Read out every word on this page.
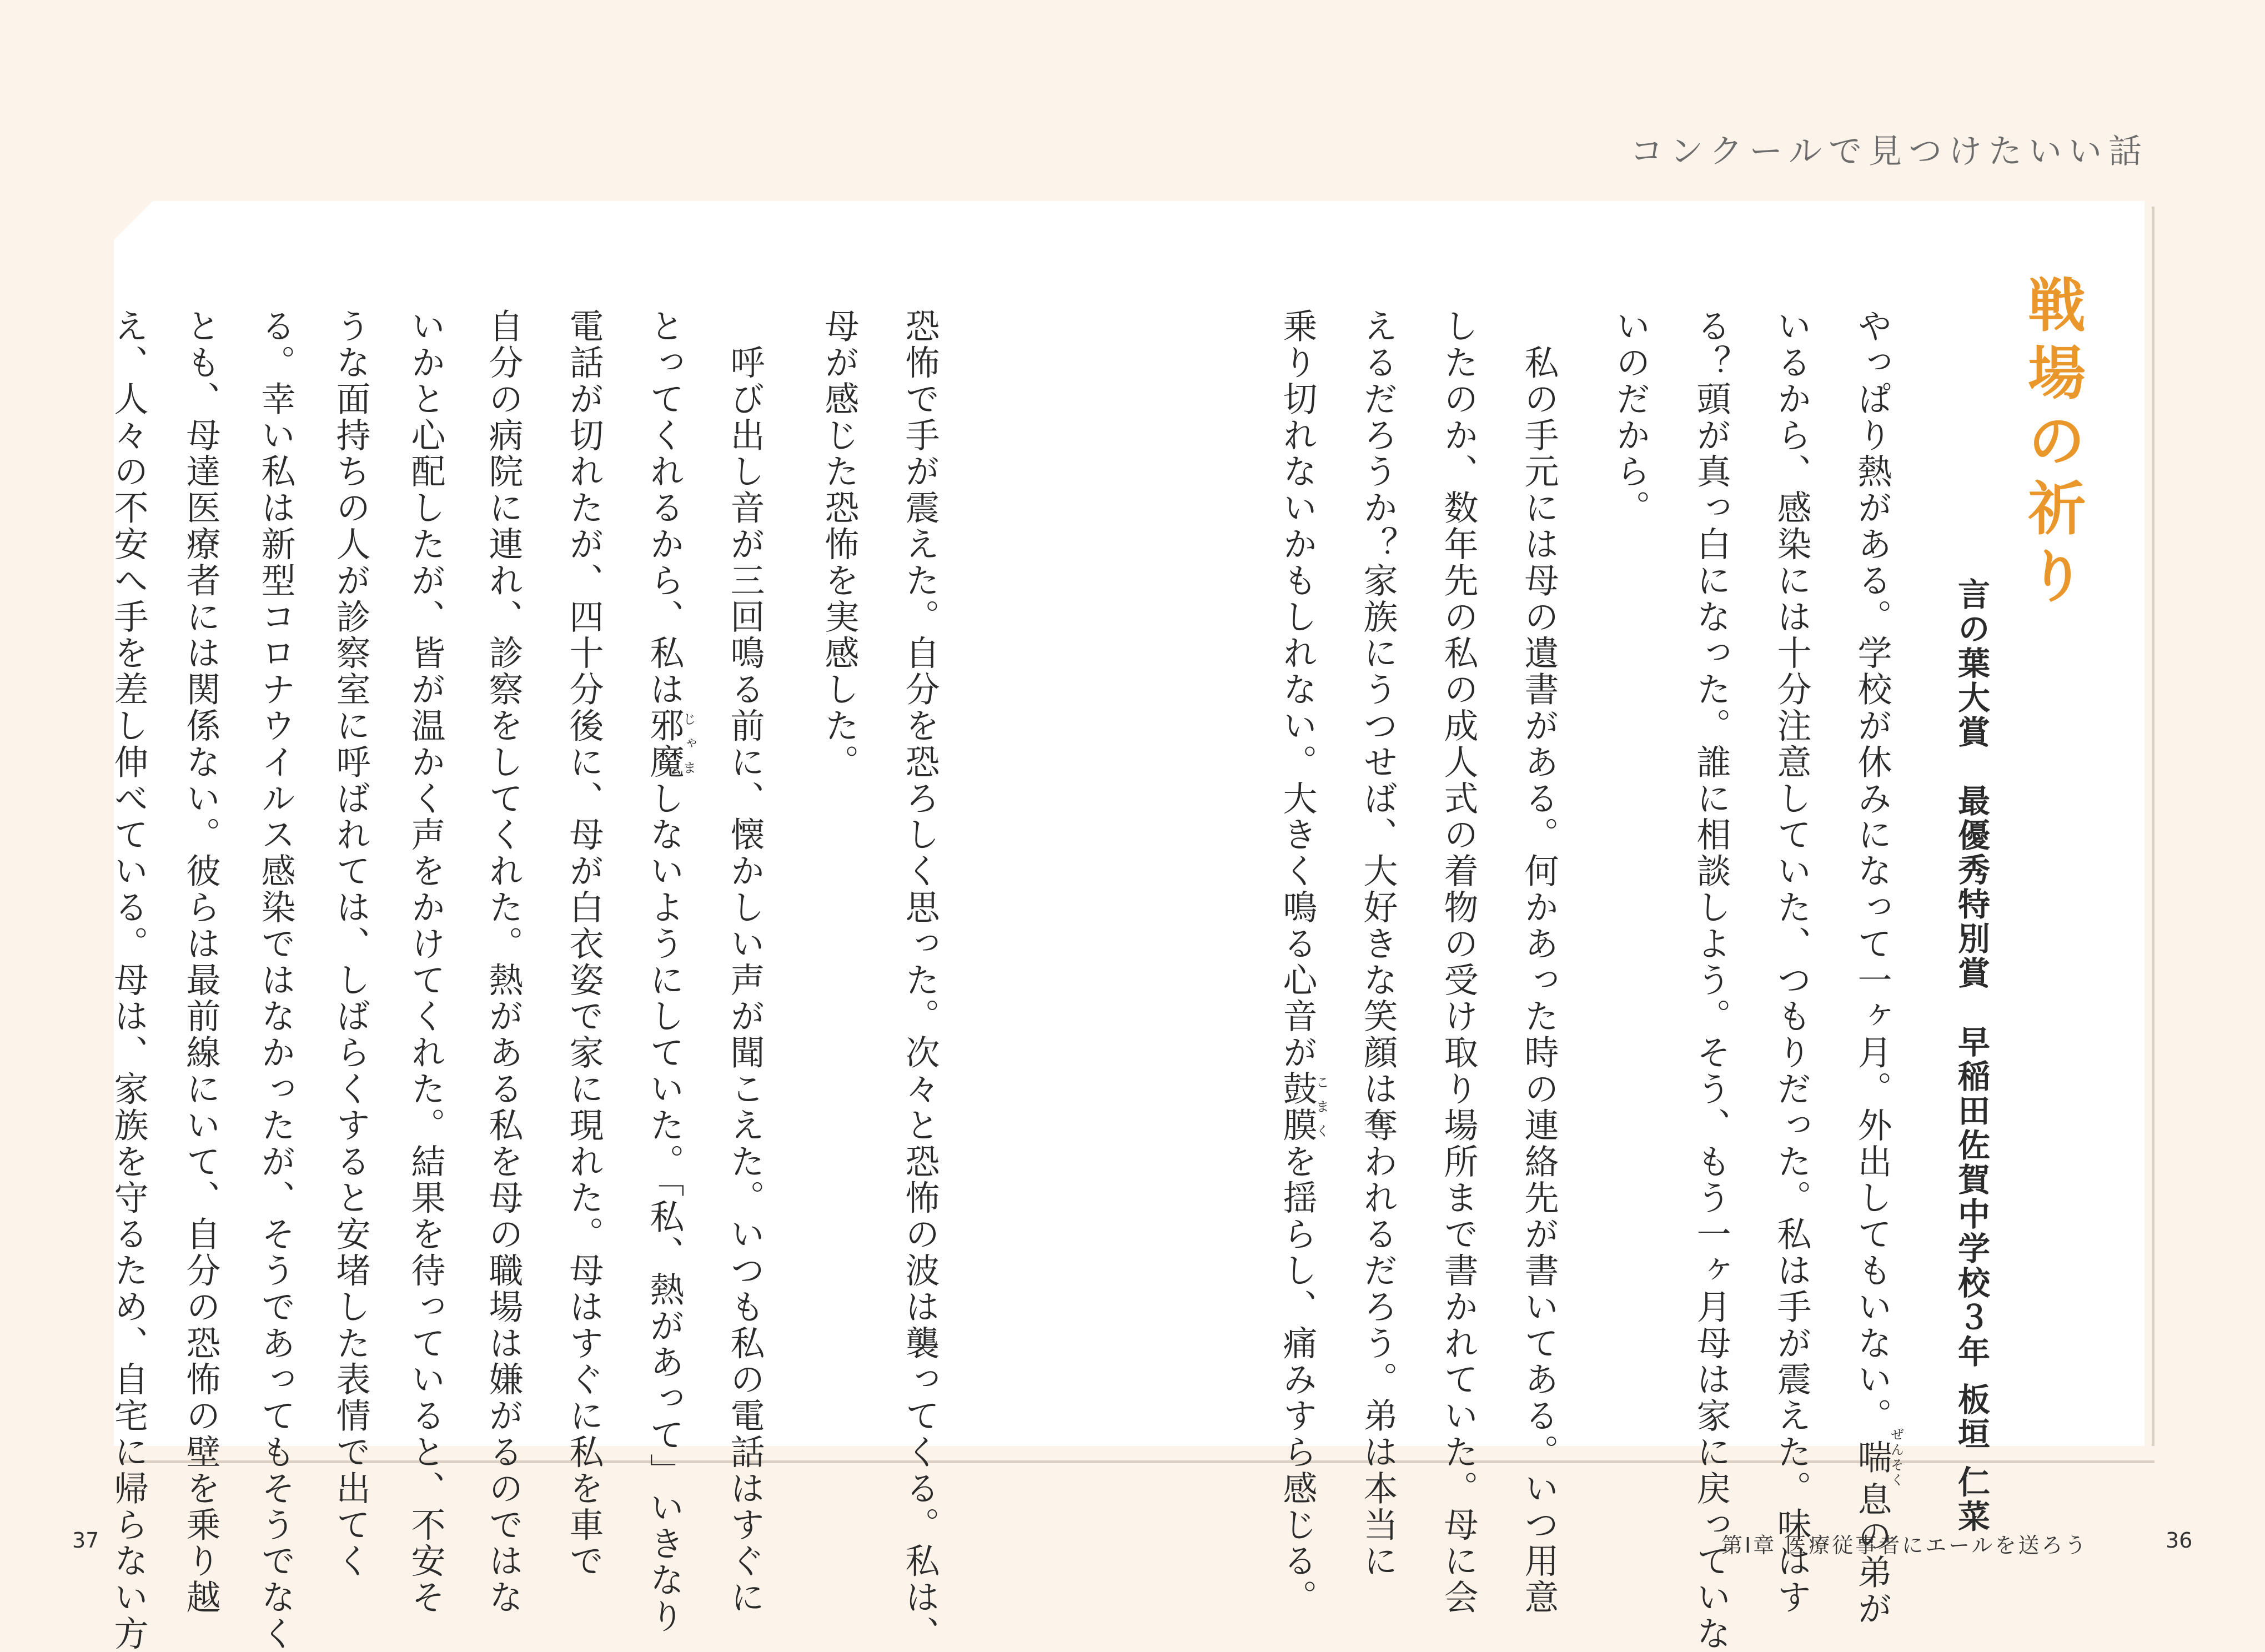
コンクールで見つけたいい話
戦場の祈り
言の葉大賞　最優秀特別賞　早稲田佐賀中学校３年 板垣 仁菜
やっぱり熱がある。学校が休みになって一ヶ月。外出してもいない。喘ぜんそく息の弟が
いるから、感染には十分注意していた、つもりだった。私は手が震えた。味はす
る？頭が真っ白になった。誰に相談しよう。そう、もう一ヶ月母は家に戻っていな
いのだから。
　私の手元には母の遺書がある。何かあった時の連絡先が書いてある。いつ用意
したのか、数年先の私の成人式の着物の受け取り場所まで書かれていた。母に会
えるだろうか？家族にうつせば、大好きな笑顔は奪われるだろう。弟は本当に
乗り切れないかもしれない。大きく鳴る心音が鼓膜こまくを揺らし、痛みすら感じる。
恐怖で手が震えた。自分を恐ろしく思った。次々と恐怖の波は襲ってくる。私は、
母が感じた恐怖を実感した。
　呼び出し音が三回鳴る前に、懐かしい声が聞こえた。いつも私の電話はすぐに
とってくれるから、私は邪魔じゃましないようにしていた。「私、熱があって」いきなり
電話が切れたが、四十分後に、母が白衣姿で家に現れた。母はすぐに私を車で
自分の病院に連れ、診察をしてくれた。熱がある私を母の職場は嫌がるのではな
いかと心配したが、皆が温かく声をかけてくれた。結果を待っていると、不安そ
うな面持ちの人が診察室に呼ばれては、しばらくすると安堵した表情で出てく
る。幸い私は新型コロナウイルス感染ではなかったが、そうであってもそうでなく
とも、母達医療者には関係ない。彼らは最前線にいて、自分の恐怖の壁を乗り越
え、人々の不安へ手を差し伸べている。母は、家族を守るため、自宅に帰らない方
37	第Ⅰ章 医療従事者にエールを送ろう	36
